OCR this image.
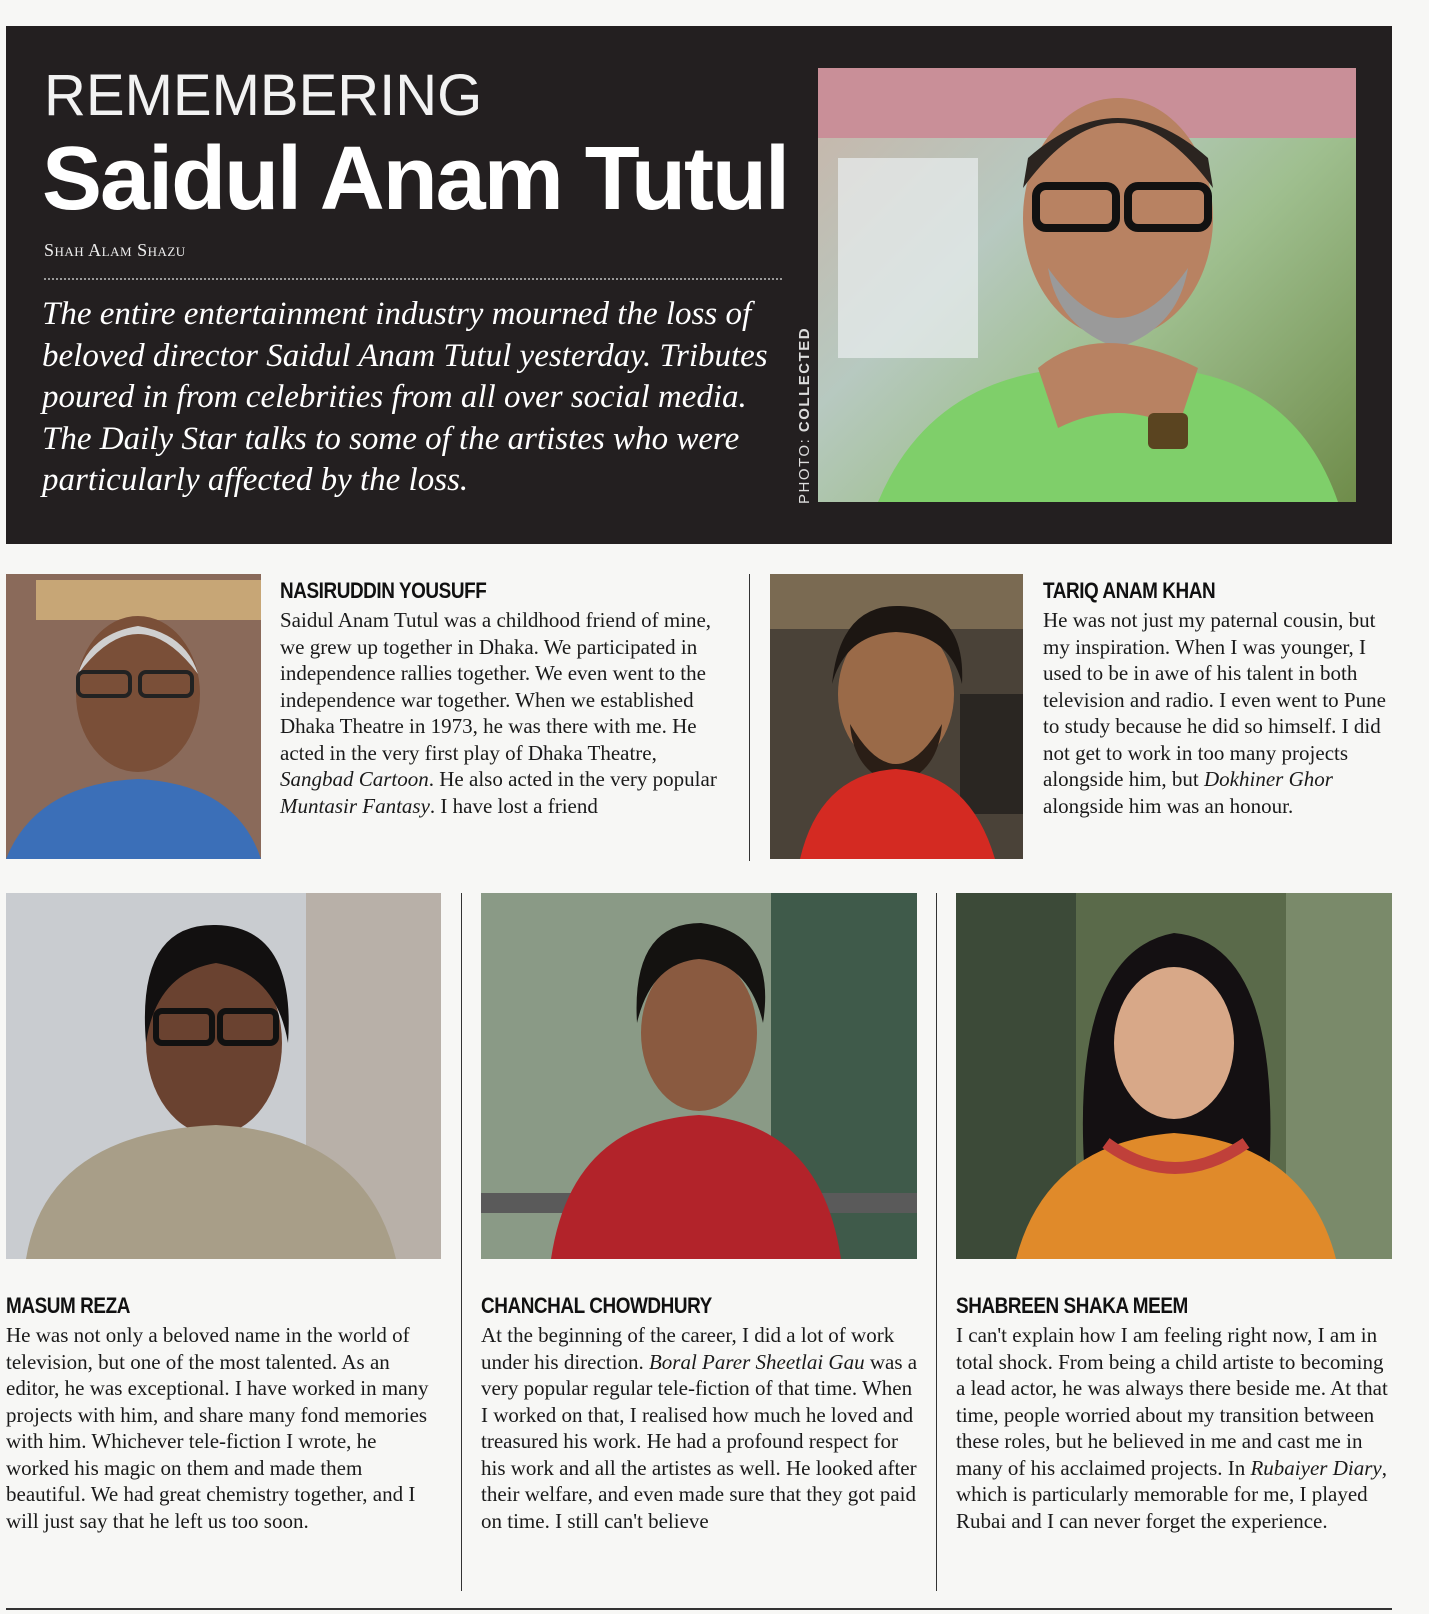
REMEMBERING
Saidul Anam Tutul
Shah Alam Shazu
The entire entertainment industry mourned the loss of beloved director Saidul Anam Tutul yesterday. Tributes poured in from celebrities from all over social media. The Daily Star talks to some of the artistes who were particularly affected by the loss.	PHOTO: COLLECTED
NASIRUDDIN YOUSUFF
Saidul Anam Tutul was a childhood friend of mine, we grew up together in Dhaka. We participated in independence rallies together. We even went to the independence war together. When we established Dhaka Theatre in 1973, he was there with me. He acted in the very first play of Dhaka Theatre, Sangbad Cartoon. He also acted in the very popular Muntasir Fantasy. I have lost a friend
TARIQ ANAM KHAN
He was not just my paternal cousin, but my inspiration. When I was younger, I used to be in awe of his talent in both television and radio. I even went to Pune to study because he did so himself. I did not get to work in too many projects alongside him, but Dokhiner Ghor alongside him was an honour.
MASUM REZA
He was not only a beloved name in the world of television, but one of the most talented. As an editor, he was exceptional. I have worked in many projects with him, and share many fond memories with him. Whichever tele-fiction I wrote, he worked his magic on them and made them beautiful. We had great chemistry together, and I will just say that he left us too soon.
CHANCHAL CHOWDHURY
At the beginning of the career, I did a lot of work under his direction. Boral Parer Sheetlai Gau was a very popular regular tele-fiction of that time. When I worked on that, I realised how much he loved and treasured his work. He had a profound respect for his work and all the artistes as well. He looked after their welfare, and even made sure that they got paid on time. I still can't believe
SHABREEN SHAKA MEEM
I can't explain how I am feeling right now, I am in total shock. From being a child artiste to becoming a lead actor, he was always there beside me. At that time, people worried about my transition between these roles, but he believed in me and cast me in many of his acclaimed projects. In Rubaiyer Diary, which is particularly memorable for me, I played Rubai and I can never forget the experience.
